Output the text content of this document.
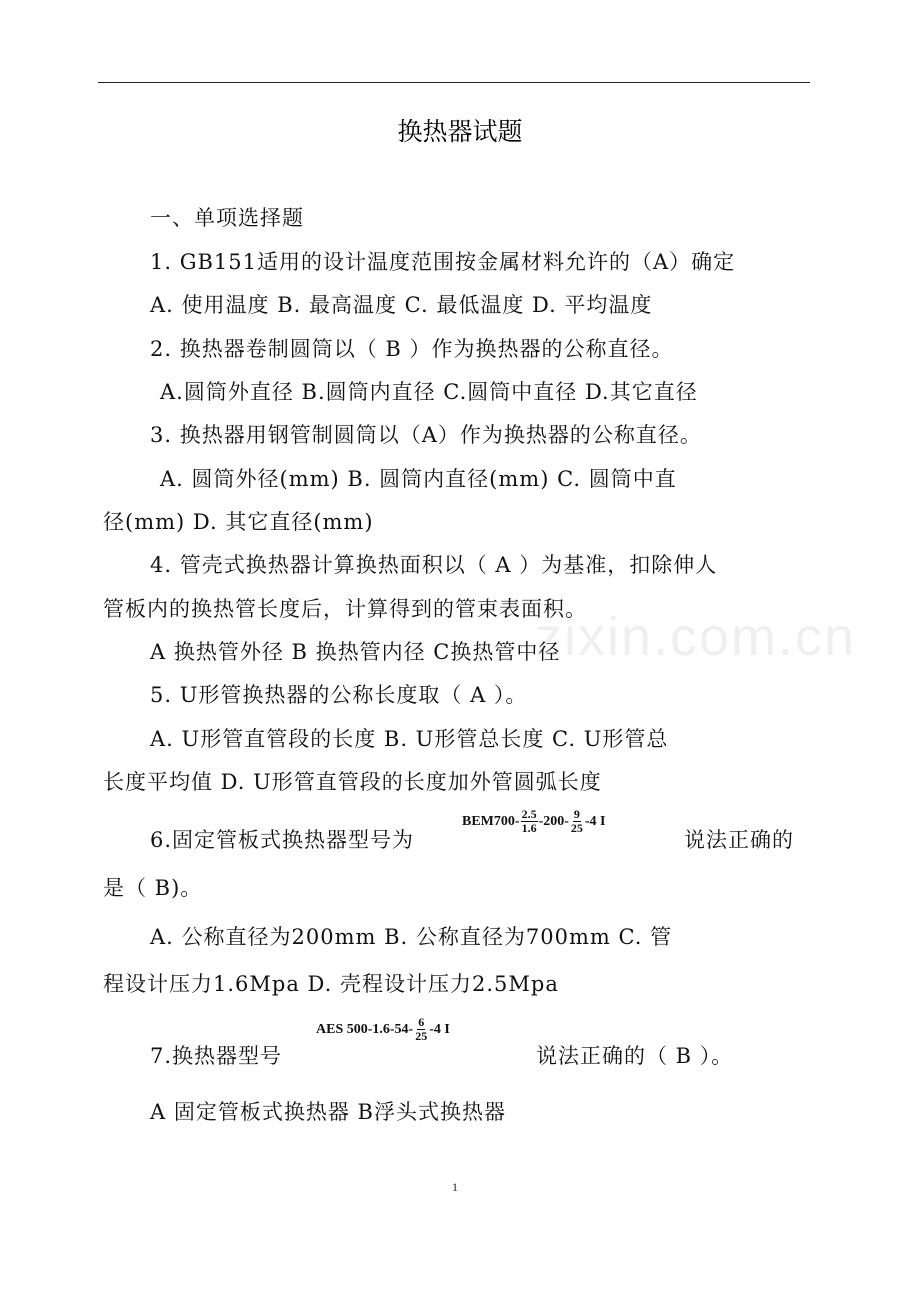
换热器试题
zixin.com.cn
一、单项选择题
1. GB151适用的设计温度范围按金属材料允许的（A）确定
A. 使用温度 B. 最高温度 C. 最低温度 D. 平均温度
2. 换热器卷制圆筒以（ B ）作为换热器的公称直径。
A.圆筒外直径 B.圆筒内直径 C.圆筒中直径 D.其它直径
3. 换热器用钢管制圆筒以（A）作为换热器的公称直径。
A. 圆筒外径(mm) B. 圆筒内直径(mm) C. 圆筒中直
径(mm) D. 其它直径(mm)
4. 管壳式换热器计算换热面积以（ A ）为基准，扣除伸人
管板内的换热管长度后，计算得到的管束表面积。
A 换热管外径 B 换热管内径 C换热管中径
5. U形管换热器的公称长度取（ A ）。
A. U形管直管段的长度 B. U形管总长度 C. U形管总
长度平均值 D. U形管直管段的长度加外管圆弧长度
6.固定管板式换热器型号为
$BEM700- \frac{2.5}{1.6} -200- \frac{9}{25} -4$ I
说法正确的
是（ B)。
A. 公称直径为200mm B. 公称直径为700mm C. 管
程设计压力1.6Mpa D. 壳程设计压力2.5Mpa
7.换热器型号
AES $500-1.6-54- \frac{6}{25} -4$ I
说法正确的（ B ）。
A 固定管板式换热器 B浮头式换热器
1
